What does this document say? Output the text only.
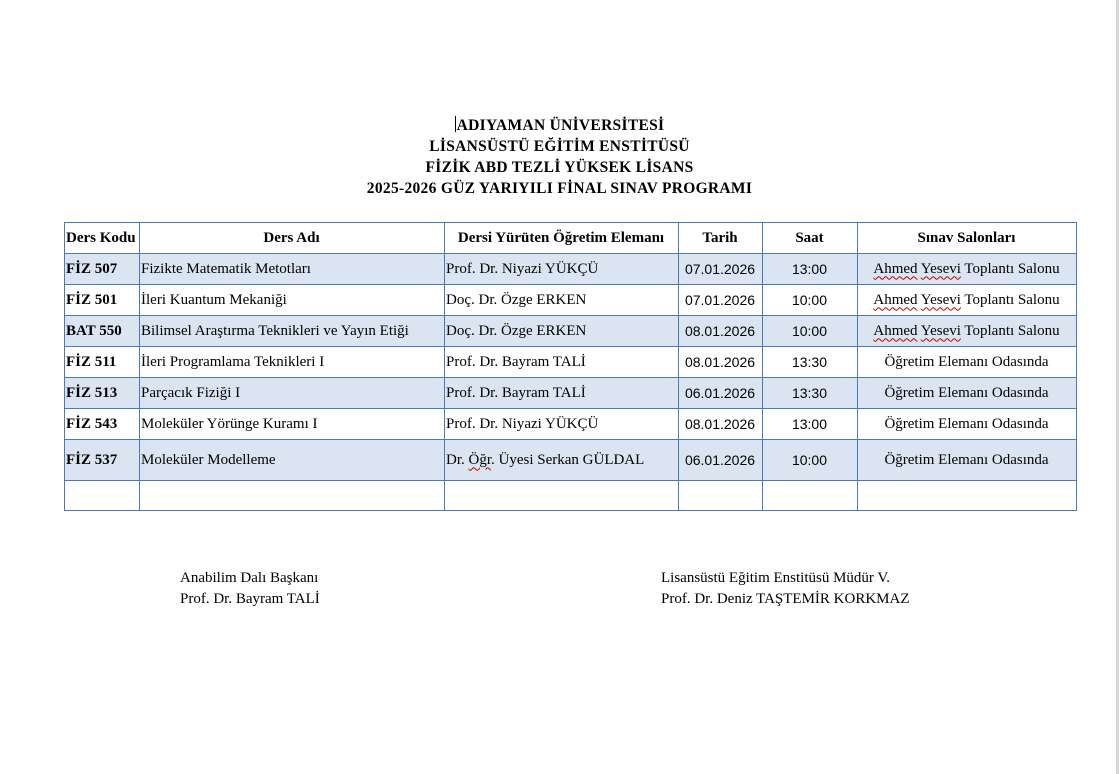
ADIYAMAN ÜNİVERSİTESİ
LİSANSÜSTÜ EĞİTİM ENSTİTÜSÜ
FİZİK ABD TEZLİ YÜKSEK LİSANS
2025-2026 GÜZ YARIYILI FİNAL SINAV PROGRAMI
Ders Kodu	Ders Adı	Dersi Yürüten Öğretim Elemanı	Tarih	Saat	Sınav Salonları
FİZ 507	Fizikte Matematik Metotları	Prof. Dr. Niyazi YÜKÇÜ	07.01.2026	13:00	Ahmed Yesevi Toplantı Salonu
FİZ 501	İleri Kuantum Mekaniği	Doç. Dr. Özge ERKEN	07.01.2026	10:00	Ahmed Yesevi Toplantı Salonu
BAT 550	Bilimsel Araştırma Teknikleri ve Yayın Etiği	Doç. Dr. Özge ERKEN	08.01.2026	10:00	Ahmed Yesevi Toplantı Salonu
FİZ 511	İleri Programlama Teknikleri I	Prof. Dr. Bayram TALİ	08.01.2026	13:30	Öğretim Elemanı Odasında
FİZ 513	Parçacık Fiziği I	Prof. Dr. Bayram TALİ	06.01.2026	13:30	Öğretim Elemanı Odasında
FİZ 543	Moleküler Yörünge Kuramı I	Prof. Dr. Niyazi YÜKÇÜ	08.01.2026	13:00	Öğretim Elemanı Odasında
FİZ 537	Moleküler Modelleme	Dr. Öğr. Üyesi Serkan GÜLDAL	06.01.2026	10:00	Öğretim Elemanı Odasında

Anabilim Dalı Başkanı
Prof. Dr. Bayram TALİ
Lisansüstü Eğitim Enstitüsü Müdür V.
Prof. Dr. Deniz TAŞTEMİR KORKMAZ
